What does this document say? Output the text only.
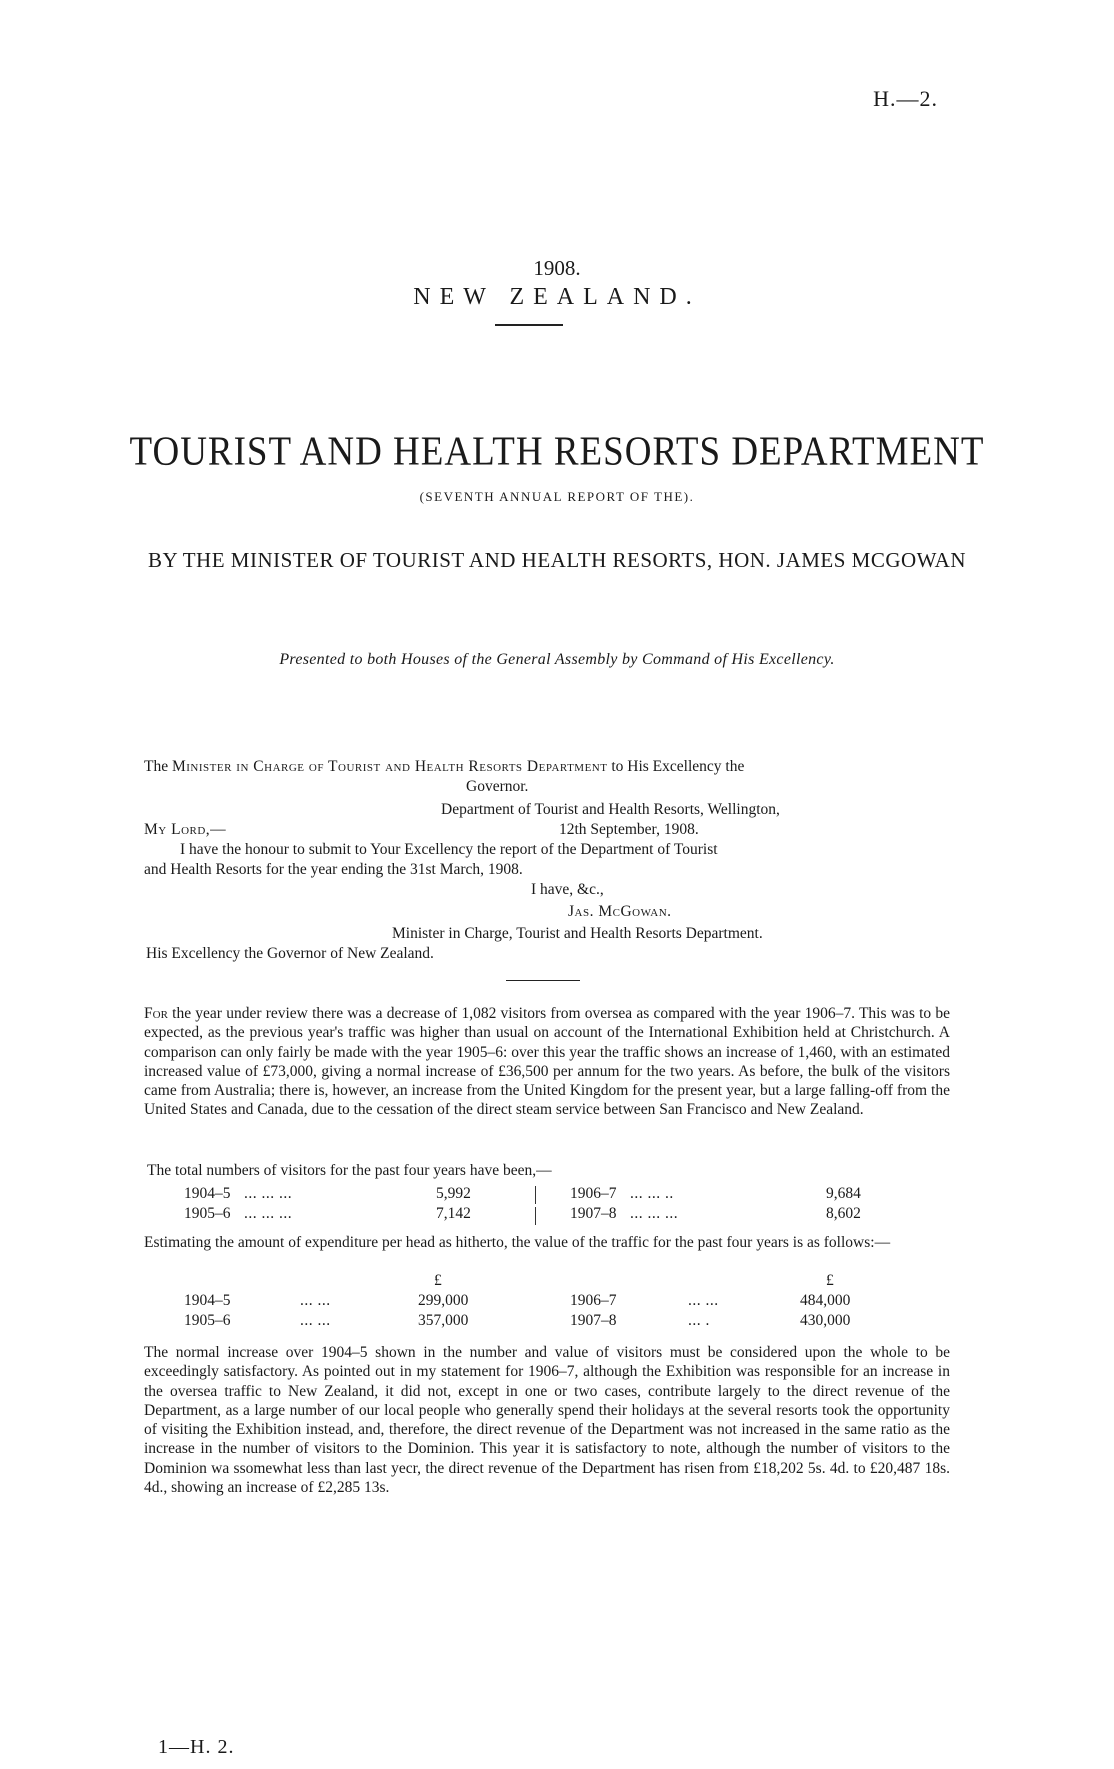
H.—2.
1908.
NEW ZEALAND.
TOURIST AND HEALTH RESORTS DEPARTMENT
(SEVENTH ANNUAL REPORT OF THE).
BY THE MINISTER OF TOURIST AND HEALTH RESORTS, HON. JAMES MCGOWAN
Presented to both Houses of the General Assembly by Command of His Excellency.
The Minister in Charge of Tourist and Health Resorts Department to His Excellency the
Governor.
Department of Tourist and Health Resorts, Wellington,
My Lord,—	12th September, 1908.
I have the honour to submit to Your Excellency the report of the Department of Tourist
and Health Resorts for the year ending the 31st March, 1908.
I have, &c.,
Jas. McGowan.
Minister in Charge, Tourist and Health Resorts Department.
His Excellency the Governor of New Zealand.
For the year under review there was a decrease of 1,082 visitors from oversea as compared with the year 1906–7. This was to be expected, as the previous year's traffic was higher than usual on account of the International Exhibition held at Christchurch. A comparison can only fairly be made with the year 1905–6: over this year the traffic shows an increase of 1,460, with an estimated increased value of £73,000, giving a normal increase of £36,500 per annum for the two years. As before, the bulk of the visitors came from Australia; there is, however, an increase from the United Kingdom for the present year, but a large falling-off from the United States and Canada, due to the cessation of the direct steam service between San Francisco and New Zealand.
The total numbers of visitors for the past four years have been,—
1904–5 ... ... ...	5,992
1905–6 ... ... ...	7,142
1906–7 ... ... ..	9,684
1907–8 ... ... ...	8,602
Estimating the amount of expenditure per head as hitherto, the value of the traffic for the past four years is as follows:—
£	£
1904–5	... ...	299,000
1905–6	... ...	357,000
1906–7	... ...	484,000
1907–8	... .	430,000
The normal increase over 1904–5 shown in the number and value of visitors must be considered upon the whole to be exceedingly satisfactory. As pointed out in my statement for 1906–7, although the Exhibition was responsible for an increase in the oversea traffic to New Zealand, it did not, except in one or two cases, contribute largely to the direct revenue of the Department, as a large number of our local people who generally spend their holidays at the several resorts took the opportunity of visiting the Exhibition instead, and, therefore, the direct revenue of the Department was not increased in the same ratio as the increase in the number of visitors to the Dominion. This year it is satisfactory to note, although the number of visitors to the Dominion wa ssomewhat less than last yecr, the direct revenue of the Department has risen from £18,202 5s. 4d. to £20,487 18s. 4d., showing an increase of £2,285 13s.
1—H. 2.
